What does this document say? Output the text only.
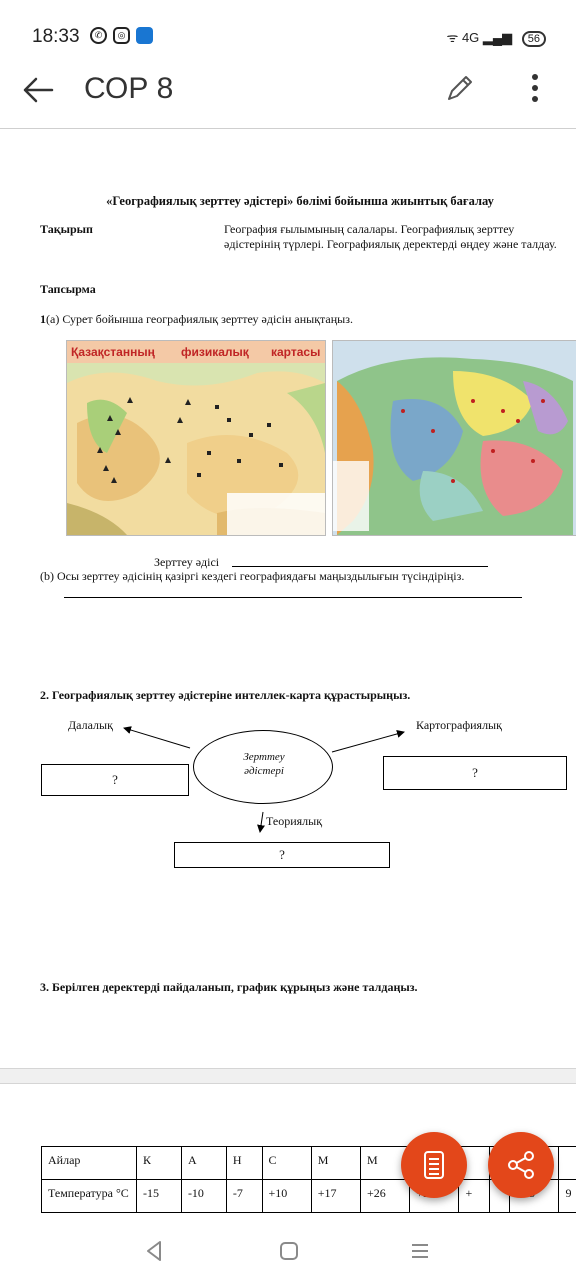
18:33	✆	◎	ᯤ 4G ▂▄▆ 56
СОР 8
«Географиялық зерттеу әдістері» бөлімі бойынша жиынтық бағалау
Тақырып	География ғылымының салалары. Географиялық зерттеу әдістерінің түрлері. Географиялық деректерді өңдеу және талдау.
Тапсырма
1(a) Сурет бойынша географиялық зерттеу әдісін анықтаңыз.
Қазақстанның физикалық картасы
Зерттеу әдісі
(b) Осы зерттеу әдісінің қазіргі кездегі географиядағы маңыздылығын түсіндіріңіз.
2. Географиялық зерттеу әдістеріне интеллек-карта құрастырыңыз.
Зерттеу
әдістері
Далалық	Картографиялық
Теориялық
?	?
?
3. Берілген деректерді пайдаланып, график құрыңыз және талдаңыз.
Айлар	К	А	Н	С	М	М					
Температура °С	-15	-10	-7	+10	+17	+26		+			9
